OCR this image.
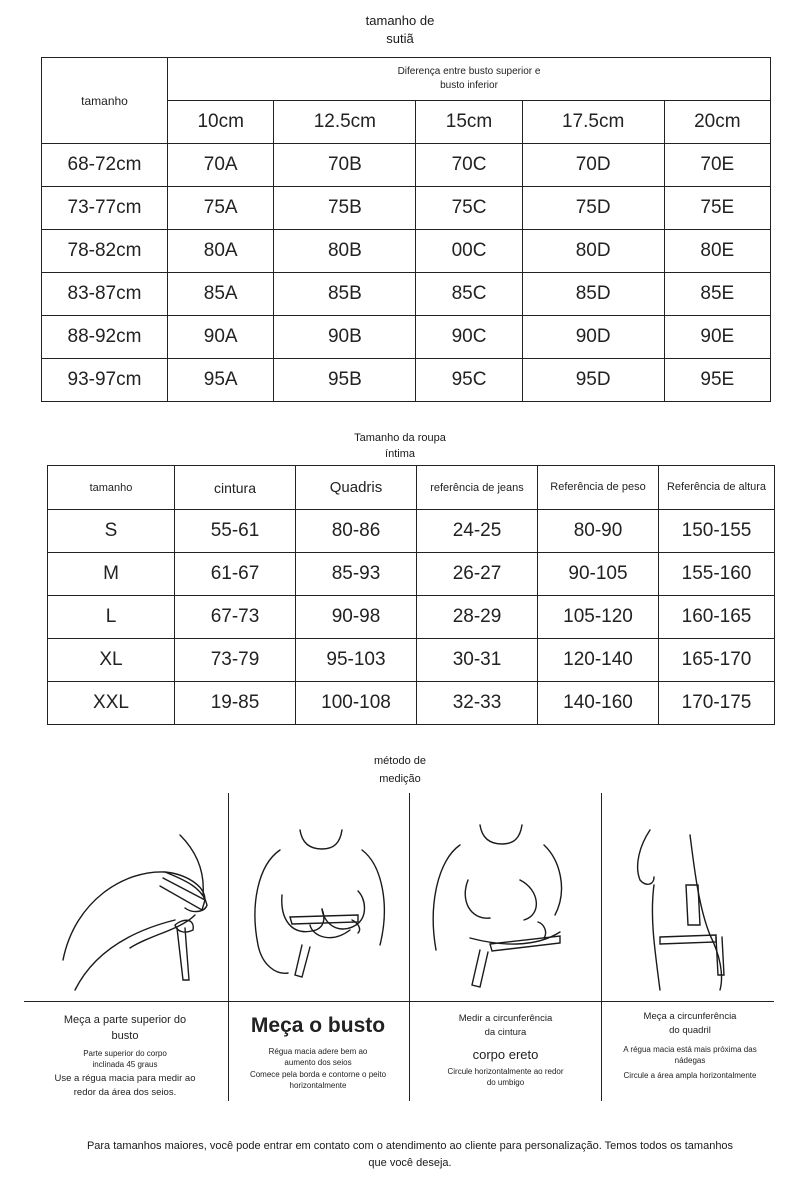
tamanho de
sutiã
tamanho	Diferença entre busto superior e
busto inferior				

	10cm	12.5cm	15cm	17.5cm	20cm
68-72cm	70A	70B	70C	70D	70E
73-77cm	75A	75B	75C	75D	75E
78-82cm	80A	80B	00C	80D	80E
83-87cm	85A	85B	85C	85D	85E
88-92cm	90A	90B	90C	90D	90E
93-97cm	95A	95B	95C	95D	95E
Tamanho da roupa
íntima
tamanho	cintura	Quadris	referência de jeans	Referência de peso	Referência de altura
S	55-61	80-86	24-25	80-90	150-155
M	61-67	85-93	26-27	90-105	155-160
L	67-73	90-98	28-29	105-120	160-165
XL	73-79	95-103	30-31	120-140	165-170
XXL	19-85	100-108	32-33	140-160	170-175
método de
medição
Meça a parte superior do
busto
Parte superior do corpo
inclinada 45 graus
Use a régua macia para medir ao
redor da área dos seios.
Meça o busto
Régua macia adere bem ao
aumento dos seios
Comece pela borda e contorne o peito
horizontalmente
Medir a circunferência
da cintura
corpo ereto
Circule horizontalmente ao redor
do umbigo
Meça a circunferência
do quadril
A régua macia está mais próxima das
nádegas
Circule a área ampla horizontalmente
Para tamanhos maiores, você pode entrar em contato com o atendimento ao cliente para personalização. Temos todos os tamanhos
que você deseja.
